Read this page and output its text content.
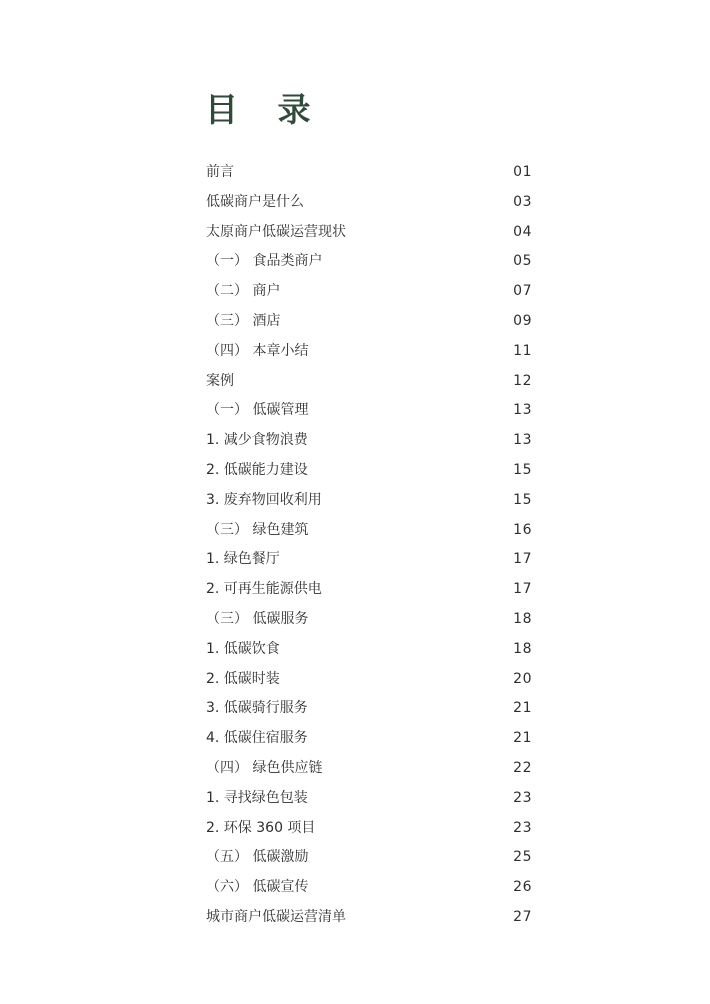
目 录
前言	01
低碳商户是什么	03
太原商户低碳运营现状	04
（一） 食品类商户	05
（二） 商户	07
（三） 酒店	09
（四） 本章小结	11
案例	12
（一） 低碳管理	13
1. 减少食物浪费	13
2. 低碳能力建设	15
3. 废弃物回收利用	15
（三） 绿色建筑	16
1. 绿色餐厅	17
2. 可再生能源供电	17
（三） 低碳服务	18
1. 低碳饮食	18
2. 低碳时装	20
3. 低碳骑行服务	21
4. 低碳住宿服务	21
（四） 绿色供应链	22
1. 寻找绿色包装	23
2. 环保 360 项目	23
（五） 低碳激励	25
（六） 低碳宣传	26
城市商户低碳运营清单	27
